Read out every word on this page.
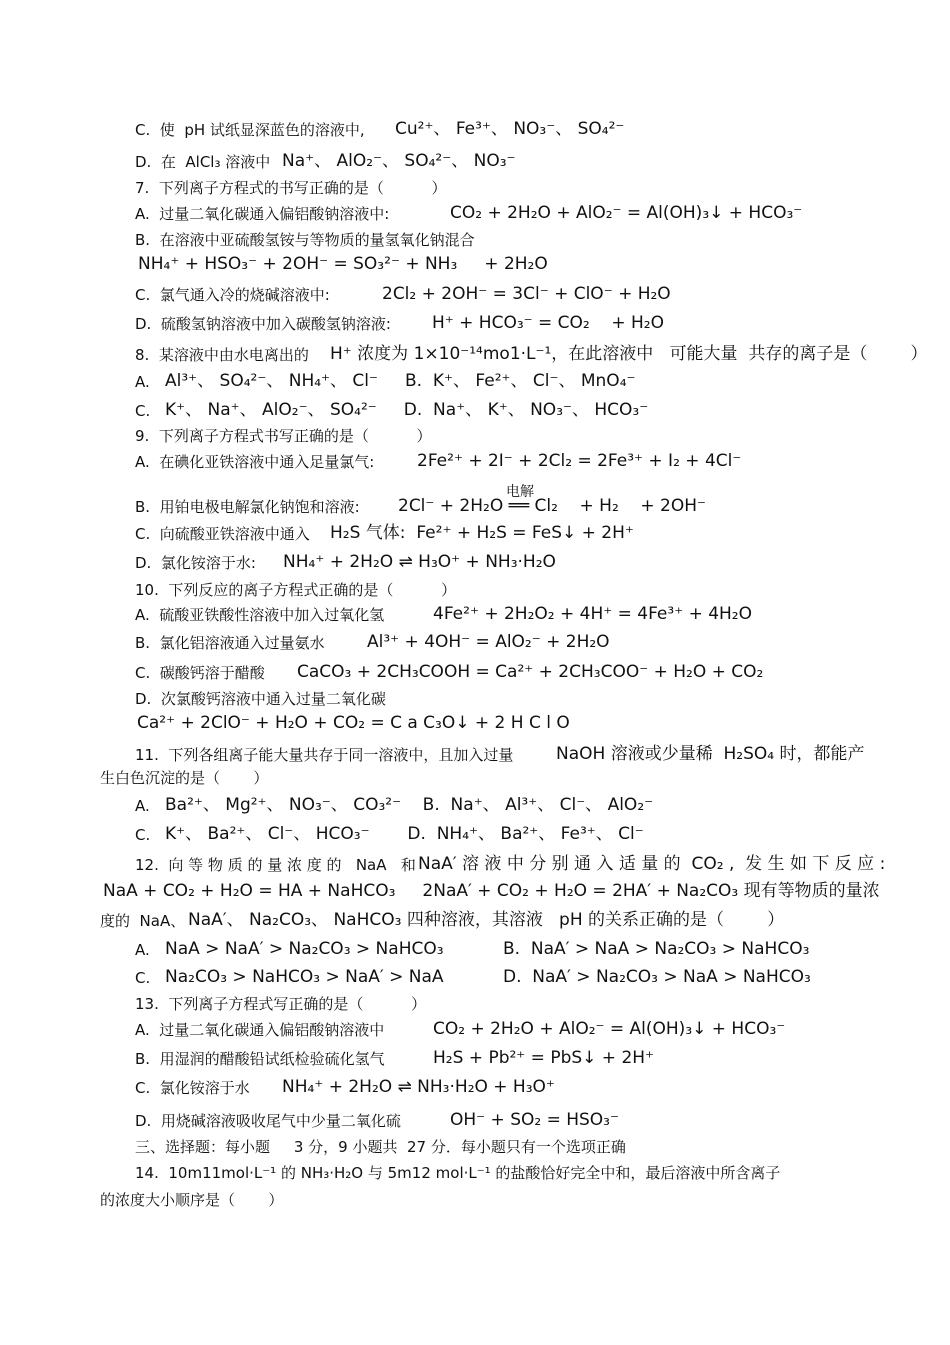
C.  使  pH 试纸显深蓝色的溶液中, Cu²⁺、 Fe³⁺、 NO₃⁻、 SO₄²⁻
D.  在  AlCl₃ 溶液中 Na⁺、 AlO₂⁻、 SO₄²⁻、 NO₃⁻
7.  下列离子方程式的书写正确的是（          ）
A.  过量二氧化碳通入偏铝酸钠溶液中:	CO₂ + 2H₂O + AlO₂⁻ = Al(OH)₃↓ + HCO₃⁻
B.  在溶液中亚硫酸氢铵与等物质的量氢氧化钠混合
NH₄⁺ + HSO₃⁻ + 2OH⁻ = SO₃²⁻ + NH₃     + 2H₂O
C.  氯气通入冷的烧碱溶液中:	2Cl₂ + 2OH⁻ = 3Cl⁻ + ClO⁻ + H₂O
D.  硫酸氢钠溶液中加入碳酸氢钠溶液: H⁺ + HCO₃⁻ = CO₂    + H₂O
8.  某溶液中由水电离出的 H⁺ 浓度为 1×10⁻¹⁴mo1·L⁻¹，在此溶液中   可能大量  共存的离子是（        ）
A. Al³⁺、 SO₄²⁻、 NH₄⁺、 Cl⁻     B.  K⁺、 Fe²⁺、 Cl⁻、 MnO₄⁻
C. K⁺、 Na⁺、 AlO₂⁻、 SO₄²⁻     D.  Na⁺、 K⁺、 NO₃⁻、 HCO₃⁻
9.  下列离子方程式书写正确的是（          ）
A.  在碘化亚铁溶液中通入足量氯气:	2Fe²⁺ + 2I⁻ + 2Cl₂ = 2Fe³⁺ + I₂ + 4Cl⁻
B.  用铂电极电解氯化钠饱和溶液: 2Cl⁻ + 2H₂O ══ Cl₂    + H₂    + 2OH⁻
C.  向硫酸亚铁溶液中通入 H₂S 气体:  Fe²⁺ + H₂S = FeS↓ + 2H⁺
D.  氯化铵溶于水: NH₄⁺ + 2H₂O ⇌ H₃O⁺ + NH₃·H₂O
10.  下列反应的离子方程式正确的是（          ）
A.  硫酸亚铁酸性溶液中加入过氧化氢	4Fe²⁺ + 2H₂O₂ + 4H⁺ = 4Fe³⁺ + 4H₂O
B.  氯化铝溶液通入过量氨水 Al³⁺ + 4OH⁻ = AlO₂⁻ + 2H₂O
C.  碳酸钙溶于醋酸 CaCO₃ + 2CH₃COOH = Ca²⁺ + 2CH₃COO⁻ + H₂O + CO₂
D.  次氯酸钙溶液中通入过量二氧化碳
Ca²⁺ + 2ClO⁻ + H₂O + CO₂ = C a C₃O↓ + 2 H C l O
11.  下列各组离子能大量共存于同一溶液中，且加入过量	NaOH 溶液或少量稀  H₂SO₄ 时，都能产
生白色沉淀的是（       ）
A. Ba²⁺、 Mg²⁺、 NO₃⁻、 CO₃²⁻    B.  Na⁺、 Al³⁺、 Cl⁻、 AlO₂⁻
C. K⁺、 Ba²⁺、 Cl⁻、 HCO₃⁻       D.  NH₄⁺、 Ba²⁺、 Fe³⁺、 Cl⁻
12.  向 等 物 质 的 量 浓 度 的   NaA   和 NaA′ 溶 液 中 分 别 通 入 适 量 的  CO₂ ,  发 生 如 下 反 应 :
NaA + CO₂ + H₂O = HA + NaHCO₃     2NaA′ + CO₂ + H₂O = 2HA′ + Na₂CO₃ 现有等物质的量浓
度的  NaA、 NaA′、 Na₂CO₃、 NaHCO₃ 四种溶液，其溶液   pH 的关系正确的是（        ）
A. NaA > NaA′ > Na₂CO₃ > NaHCO₃           B.  NaA′ > NaA > Na₂CO₃ > NaHCO₃
C. Na₂CO₃ > NaHCO₃ > NaA′ > NaA           D.  NaA′ > Na₂CO₃ > NaA > NaHCO₃
13.  下列离子方程式写正确的是（          ）
A.  过量二氧化碳通入偏铝酸钠溶液中	CO₂ + 2H₂O + AlO₂⁻ = Al(OH)₃↓ + HCO₃⁻
B.  用湿润的醋酸铅试纸检验硫化氢气	H₂S + Pb²⁺ = PbS↓ + 2H⁺
C.  氯化铵溶于水 NH₄⁺ + 2H₂O ⇌ NH₃·H₂O + H₃O⁺
D.  用烧碱溶液吸收尾气中少量二氧化硫	OH⁻ + SO₂ = HSO₃⁻
三、选择题：每小题     3 分，9 小题共  27 分．每小题只有一个选项正确
14.  10m11mol·L⁻¹ 的 NH₃·H₂O 与 5m12 mol·L⁻¹ 的盐酸恰好完全中和，最后溶液中所含离子
的浓度大小顺序是（       ）
电解
